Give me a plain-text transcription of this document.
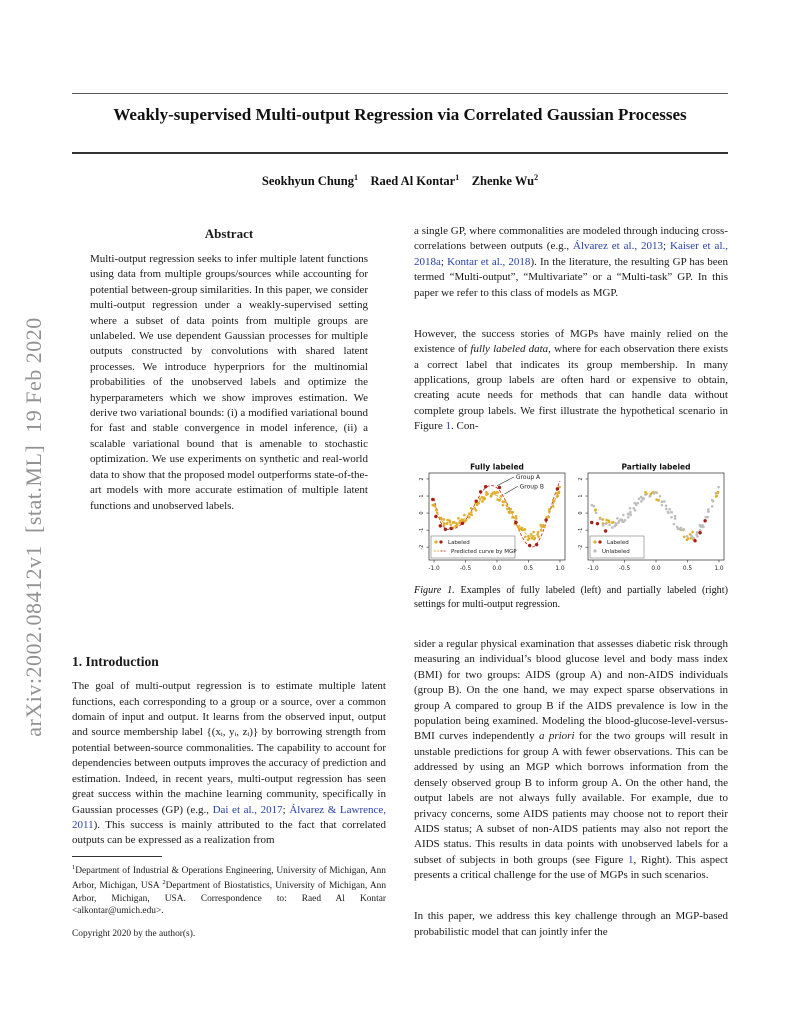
arXiv:2002.08412v1  [stat.ML]  19 Feb 2020
Weakly-supervised Multi-output Regression via Correlated Gaussian Processes
Seokhyun Chung$^1$   Raed Al Kontar$^1$   Zhenke Wu$^2$
Abstract
Multi-output regression seeks to infer multiple latent functions using data from multiple groups/sources while accounting for potential between-group similarities. In this paper, we consider multi-output regression under a weakly-supervised setting where a subset of data points from multiple groups are unlabeled. We use dependent Gaussian processes for multiple outputs constructed by convolutions with shared latent processes. We introduce hyperpriors for the multinomial probabilities of the unobserved labels and optimize the hyperparameters which we show improves estimation. We derive two variational bounds: (i) a modified variational bound for fast and stable convergence in model inference, (ii) a scalable variational bound that is amenable to stochastic optimization. We use experiments on synthetic and real-world data to show that the proposed model outperforms state-of-the-art models with more accurate estimation of multiple latent functions and unobserved labels.
1. Introduction

The goal of multi-output regression is to estimate multiple latent functions, each corresponding to a group or a source, over a common domain of input and output. It learns from the observed input, output and source membership label {(xᵢ, yᵢ, zᵢ)} by borrowing strength from potential between-source commonalities. The capability to account for dependencies between outputs improves the accuracy of prediction and estimation. Indeed, in recent years, multi-output regression has seen great success within the machine learning community, specifically in Gaussian processes (GP) (e.g., Dai et al., 2017; Álvarez & Lawrence, 2011). This success is mainly attributed to the fact that correlated outputs can be expressed as a realization from

$^1$Department of Industrial & Operations Engineering, University of Michigan, Ann Arbor, Michigan, USA $^2$Department of Biostatistics, University of Michigan, Ann Arbor, Michigan, USA. Correspondence to: Raed Al Kontar <alkontar@umich.edu>.
Copyright 2020 by the author(s).

a single GP, where commonalities are modeled through inducing cross-correlations between outputs (e.g., Álvarez et al., 2013; Kaiser et al., 2018a; Kontar et al., 2018). In the literature, the resulting GP has been termed “Multi-output”, “Multivariate” or a “Multi-task” GP. In this paper we refer to this class of models as MGP.

However, the success stories of MGPs have mainly relied on the existence of fully labeled data, where for each observation there exists a correct label that indicates its group membership. In many applications, group labels are often hard or expensive to obtain, creating acute needs for methods that can handle data without complete group labels. We first illustrate the hypothetical scenario in Figure 1. Con-

Fully labeled
-1.0	-0.5	0.0	0.5	1.0
2
1
0
-1
-2
Group A
Group B
Labeled
Predicted curve by MGP
Partially labeled
-1.0	-0.5	0.0	0.5	1.0
2
1
0
-1
-2
Labeled
Unlabeled
Figure 1. Examples of fully labeled (left) and partially labeled (right) settings for multi-output regression.

sider a regular physical examination that assesses diabetic risk through measuring an individual’s blood glucose level and body mass index (BMI) for two groups: AIDS (group A) and non-AIDS individuals (group B). On the one hand, we may expect sparse observations in group A compared to group B if the AIDS prevalence is low in the population being examined. Modeling the blood-glucose-level-versus-BMI curves independently a priori for the two groups will result in unstable predictions for group A with fewer observations. This can be addressed by using an MGP which borrows information from the densely observed group B to inform group A. On the other hand, the output labels are not always fully available. For example, due to privacy concerns, some AIDS patients may choose not to report their AIDS status; A subset of non-AIDS patients may also not report the AIDS status. This results in data points with unobserved labels for a subset of subjects in both groups (see Figure 1, Right). This aspect presents a critical challenge for the use of MGPs in such scenarios.

In this paper, we address this key challenge through an MGP-based probabilistic model that can jointly infer the
